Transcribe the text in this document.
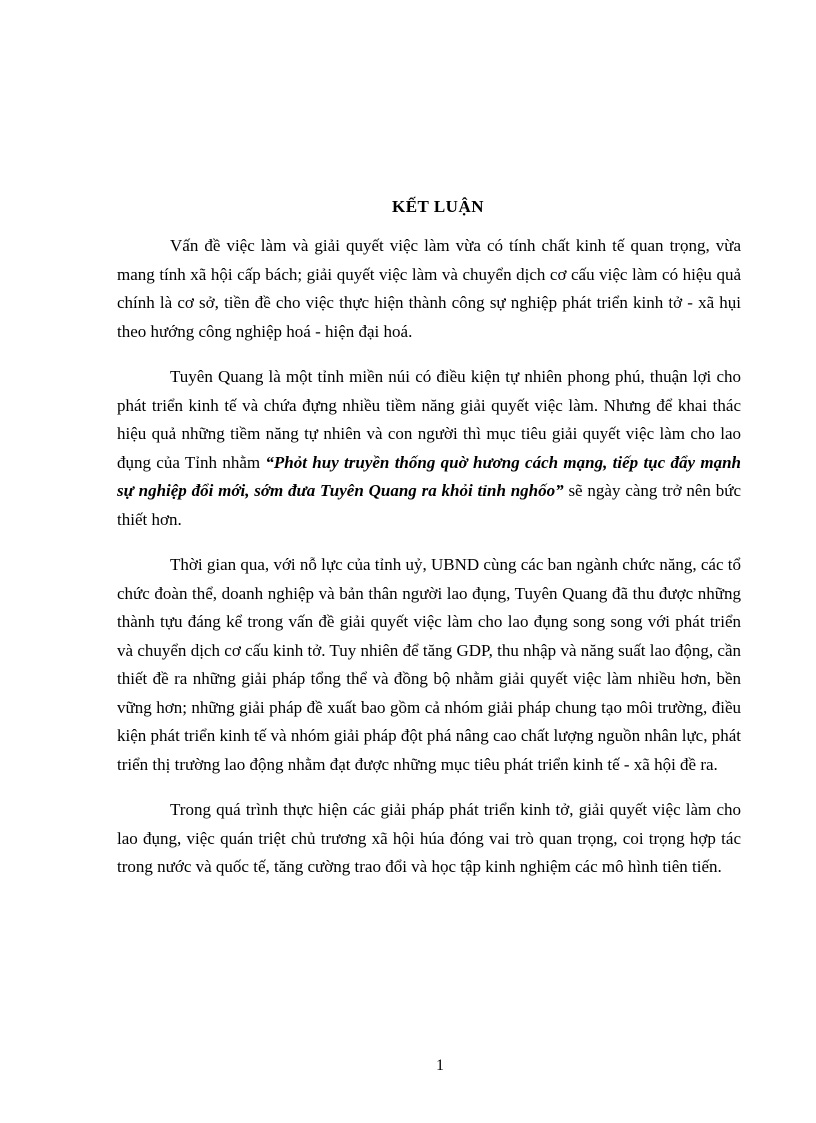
KẾT LUẬN

Vấn đề việc làm và giải quyết việc làm vừa có tính chất kinh tế quan trọng, vừa mang tính xã hội cấp bách; giải quyết việc làm và chuyển dịch cơ cấu việc làm có hiệu quả chính là cơ sở, tiền đề cho việc thực hiện thành công sự nghiệp phát triển kinh tở - xã hụi theo hướng công nghiệp hoá - hiện đại hoá.

Tuyên Quang là một tỉnh miền núi có điều kiện tự nhiên phong phú, thuận lợi cho phát triển kinh tế và chứa đựng nhiều tiềm năng giải quyết việc làm. Nhưng để khai thác hiệu quả những tiềm năng tự nhiên và con người thì mục tiêu giải quyết việc làm cho lao đụng của Tỉnh nhằm “Phỏt huy truyền thống quờ hương cách mạng, tiếp tục đẩy mạnh sự nghiệp đổi mới, sớm đưa Tuyên Quang ra khỏi tỉnh nghốo” sẽ ngày càng trở nên bức thiết hơn.

Thời gian qua, với nỗ lực của tỉnh uỷ, UBND cùng các ban ngành chức năng, các tổ chức đoàn thể, doanh nghiệp và bản thân người lao đụng, Tuyên Quang đã thu được những thành tựu đáng kể trong vấn đề giải quyết việc làm cho lao đụng song song với phát triển và chuyển dịch cơ cấu kinh tở. Tuy nhiên để tăng GDP, thu nhập và năng suất lao động, cần thiết đề ra những giải pháp tổng thể và đồng bộ nhằm giải quyết việc làm nhiều hơn, bền vững hơn; những giải pháp đề xuất bao gồm cả nhóm giải pháp chung tạo môi trường, điều kiện phát triển kinh tế và nhóm giải pháp đột phá nâng cao chất lượng nguồn nhân lực, phát triển thị trường lao động nhằm đạt được những mục tiêu phát triển kinh tế - xã hội đề ra.

Trong quá trình thực hiện các giải pháp phát triển kinh tở, giải quyết việc làm cho lao đụng, việc quán triệt chủ trương xã hội húa đóng vai trò quan trọng, coi trọng hợp tác trong nước và quốc tế, tăng cường trao đổi và học tập kinh nghiệm các mô hình tiên tiến.

1
